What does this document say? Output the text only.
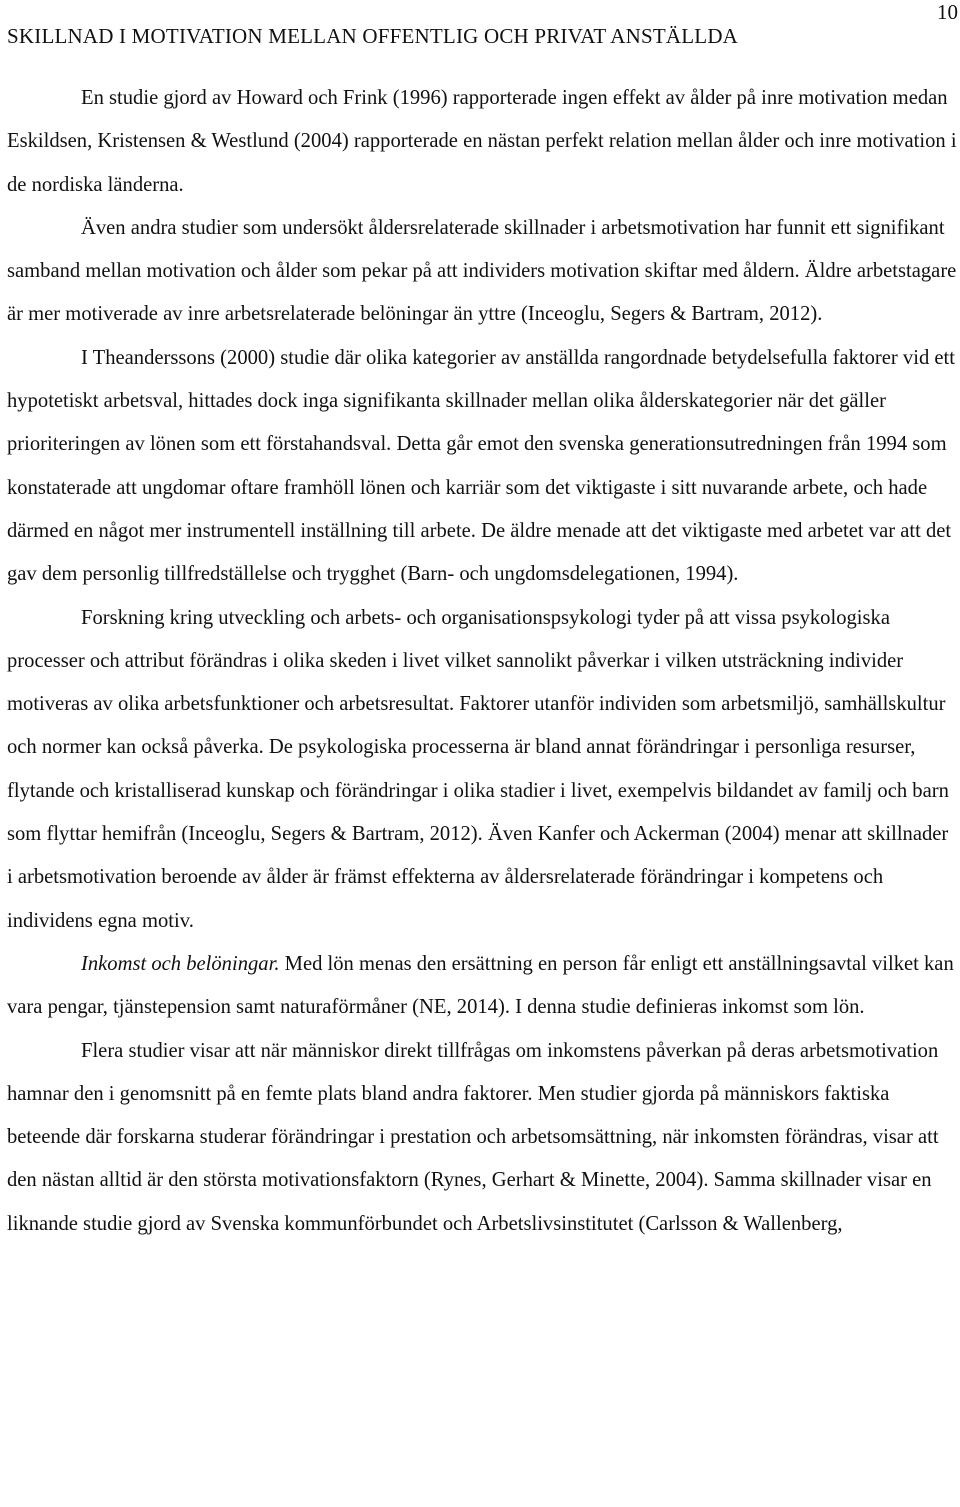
SKILLNAD I MOTIVATION MELLAN OFFENTLIG OCH PRIVAT ANSTÄLLDA
10

En studie gjord av Howard och Frink (1996) rapporterade ingen effekt av ålder på inre motivation medan Eskildsen, Kristensen & Westlund (2004) rapporterade en nästan perfekt relation mellan ålder och inre motivation i de nordiska länderna.

Även andra studier som undersökt åldersrelaterade skillnader i arbetsmotivation har funnit ett signifikant samband mellan motivation och ålder som pekar på att individers motivation skiftar med åldern. Äldre arbetstagare är mer motiverade av inre arbetsrelaterade belöningar än yttre (Inceoglu, Segers & Bartram, 2012).

I Theanderssons (2000) studie där olika kategorier av anställda rangordnade betydelsefulla faktorer vid ett hypotetiskt arbetsval, hittades dock inga signifikanta skillnader mellan olika ålderskategorier när det gäller prioriteringen av lönen som ett förstahandsval. Detta går emot den svenska generationsutredningen från 1994 som konstaterade att ungdomar oftare framhöll lönen och karriär som det viktigaste i sitt nuvarande arbete, och hade därmed en något mer instrumentell inställning till arbete. De äldre menade att det viktigaste med arbetet var att det gav dem personlig tillfredställelse och trygghet (Barn- och ungdomsdelegationen, 1994).

Forskning kring utveckling och arbets- och organisationspsykologi tyder på att vissa psykologiska processer och attribut förändras i olika skeden i livet vilket sannolikt påverkar i vilken utsträckning individer motiveras av olika arbetsfunktioner och arbetsresultat. Faktorer utanför individen som arbetsmiljö, samhällskultur och normer kan också påverka. De psykologiska processerna är bland annat förändringar i personliga resurser, flytande och kristalliserad kunskap och förändringar i olika stadier i livet, exempelvis bildandet av familj och barn som flyttar hemifrån (Inceoglu, Segers & Bartram, 2012). Även Kanfer och Ackerman (2004) menar att skillnader i arbetsmotivation beroende av ålder är främst effekterna av åldersrelaterade förändringar i kompetens och individens egna motiv.

Inkomst och belöningar. Med lön menas den ersättning en person får enligt ett anställningsavtal vilket kan vara pengar, tjänstepension samt naturaförmåner (NE, 2014). I denna studie definieras inkomst som lön.

Flera studier visar att när människor direkt tillfrågas om inkomstens påverkan på deras arbetsmotivation hamnar den i genomsnitt på en femte plats bland andra faktorer. Men studier gjorda på människors faktiska beteende där forskarna studerar förändringar i prestation och arbetsomsättning, när inkomsten förändras, visar att den nästan alltid är den största motivationsfaktorn (Rynes, Gerhart & Minette, 2004). Samma skillnader visar en liknande studie gjord av Svenska kommunförbundet och Arbetslivsinstitutet (Carlsson & Wallenberg,
